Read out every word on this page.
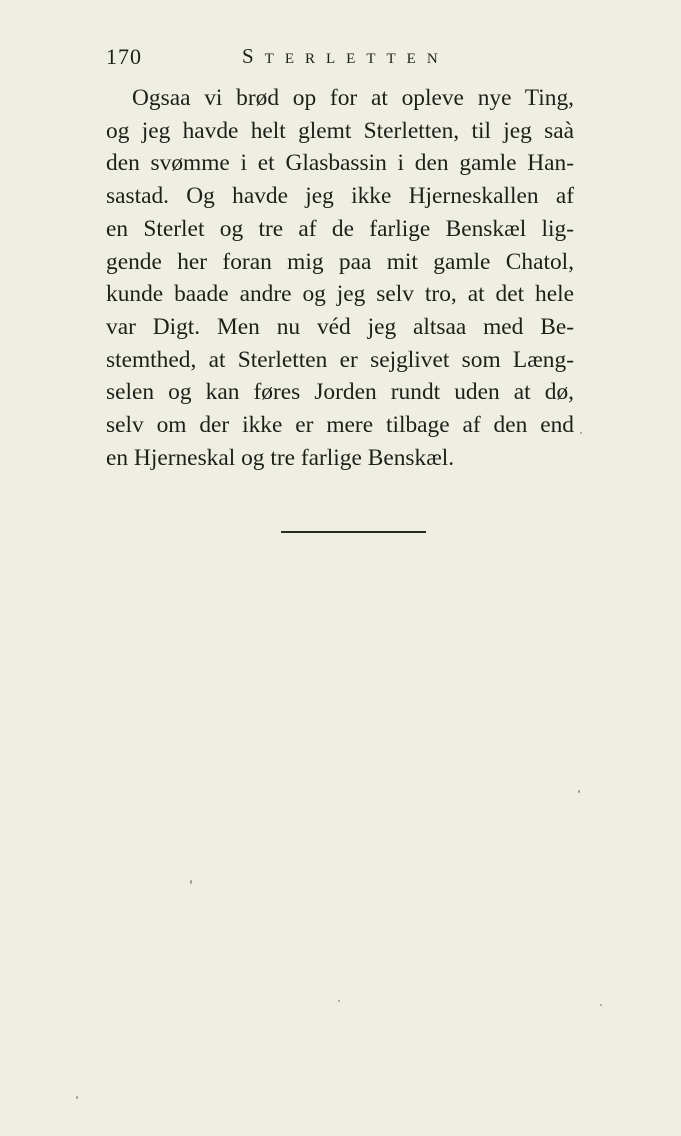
170	Sterletten
Ogsaa vi brød op for at opleve nye Ting,
og jeg havde helt glemt Sterletten, til jeg saà
den svømme i et Glasbassin i den gamle Han-
sastad. Og havde jeg ikke Hjerneskallen af
en Sterlet og tre af de farlige Benskæl lig-
gende her foran mig paa mit gamle Chatol,
kunde baade andre og jeg selv tro, at det hele
var Digt. Men nu véd jeg altsaa med Be-
stemthed, at Sterletten er sejglivet som Læng-
selen og kan føres Jorden rundt uden at dø,
selv om der ikke er mere tilbage af den end
en Hjerneskal og tre farlige Benskæl.
